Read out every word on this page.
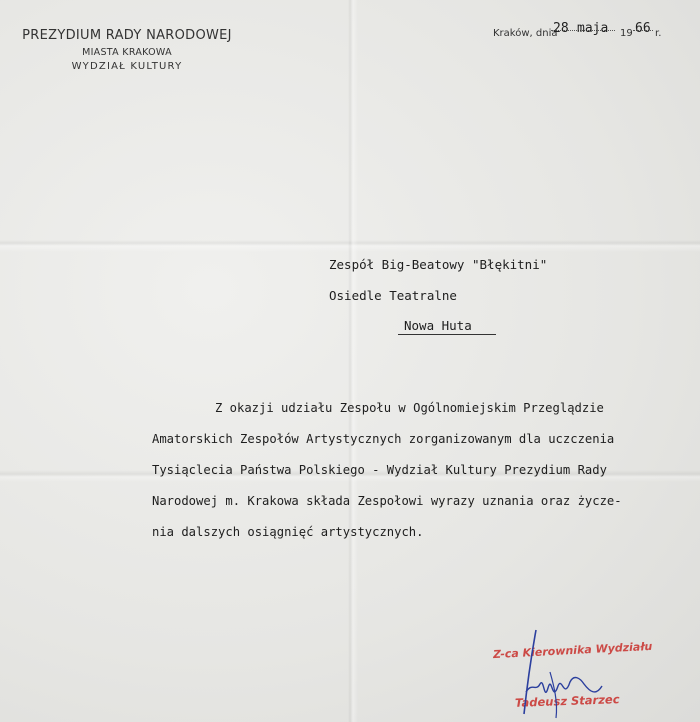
PREZYDIUM RADY NARODOWEJ
MIASTA KRAKOWA
WYDZIAŁ KULTURY
Kraków, dnia
28 maja 19 66 r.
Zespół Big-Beatowy "Błękitni"
Osiedle Teatralne
Nowa Huta
Z okazji udziału Zespołu w Ogólnomiejskim Przeglądzie
Amatorskich Zespołów Artystycznych zorganizowanym dla uczczenia
Tysiąclecia Państwa Polskiego - Wydział Kultury Prezydium Rady
Narodowej m. Krakowa składa Zespołowi wyrazy uznania oraz życze-
nia dalszych osiągnięć artystycznych.
Z-ca Kierownika Wydziału
Tadeusz Starzec
